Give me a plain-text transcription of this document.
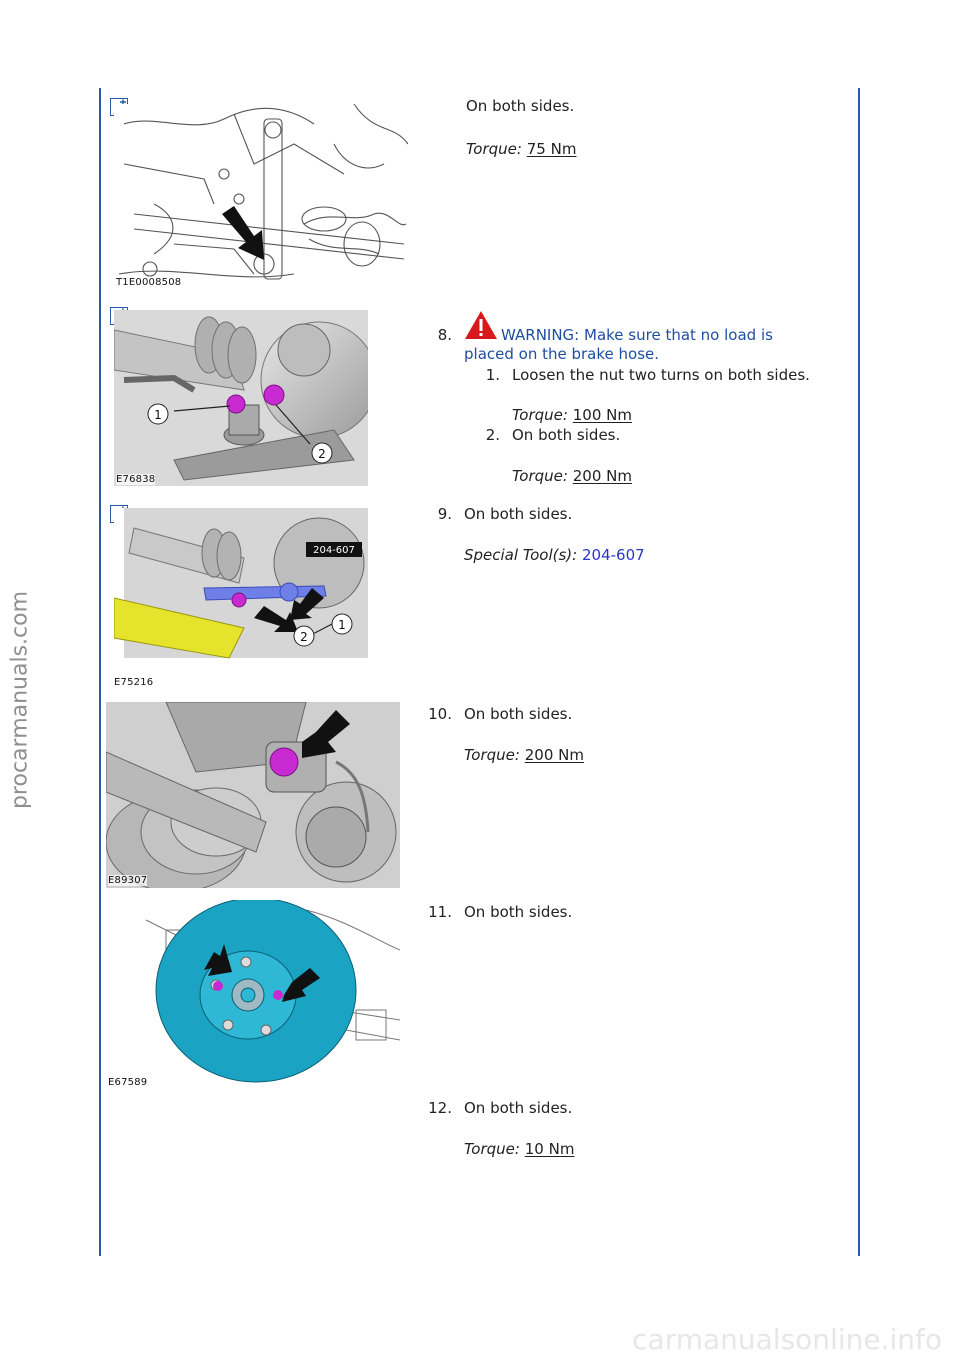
procarmanuals.com
carmanualsonline.info
T1E0008508
On both sides.
Torque: 75 Nm
1
2
E76838
8.	WARNING: Make sure that no load is
placed on the brake hose.
1. Loosen the nut two turns on both sides.
Torque: 100 Nm
2. On both sides.
Torque: 200 Nm
204-607
1
2
E75216
9. On both sides.
Special Tool(s): 204-607
E89307
10. On both sides.
Torque: 200 Nm
E67589
11. On both sides.
12. On both sides.
Torque: 10 Nm
